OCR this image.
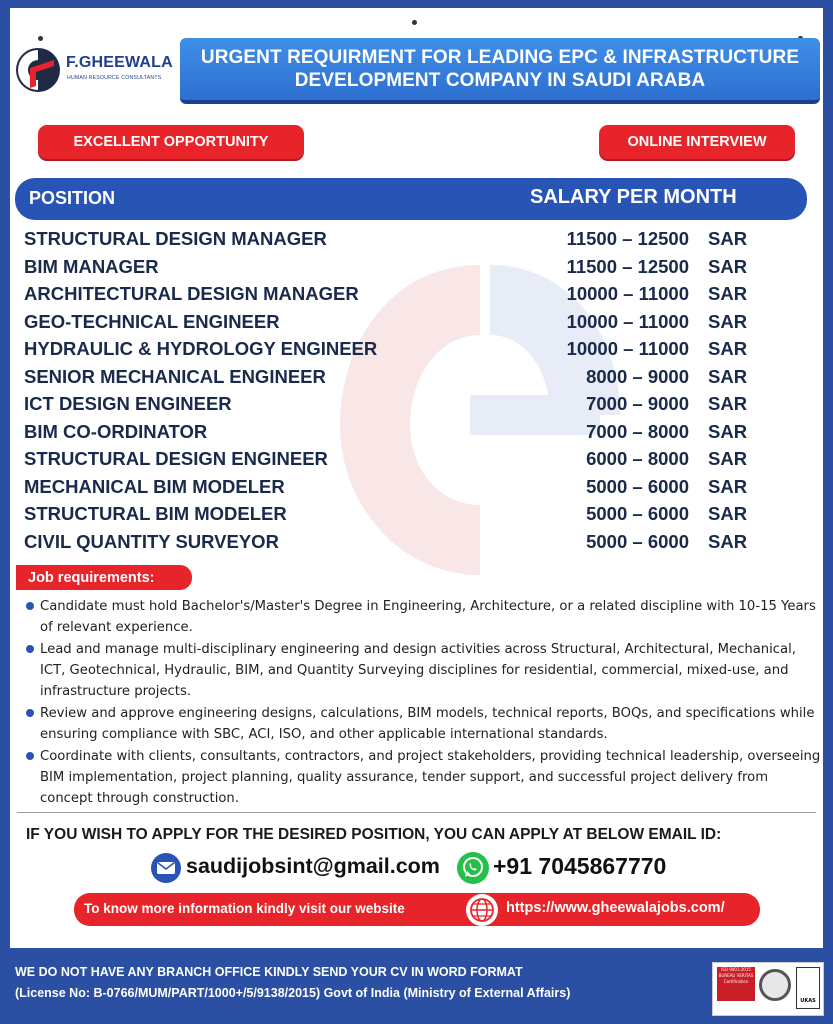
F.GHEEWALA
HUMAN RESOURCE CONSULTANTS
URGENT REQUIRMENT FOR LEADING EPC & INFRASTRUCTURE
DEVELOPMENT COMPANY IN SAUDI ARABA
EXCELLENT OPPORTUNITY	ONLINE INTERVIEW
POSITION	SALARY PER MONTH
STRUCTURAL DESIGN MANAGER	11500 – 12500 SAR
BIM MANAGER	11500 – 12500 SAR
ARCHITECTURAL DESIGN MANAGER	10000 – 11000 SAR
GEO-TECHNICAL ENGINEER	10000 – 11000 SAR
HYDRAULIC & HYDROLOGY ENGINEER	10000 – 11000 SAR
SENIOR MECHANICAL ENGINEER	8000 – 9000 SAR
ICT DESIGN ENGINEER	7000 – 9000 SAR
BIM CO-ORDINATOR	7000 – 8000 SAR
STRUCTURAL DESIGN ENGINEER	6000 – 8000 SAR
MECHANICAL BIM MODELER	5000 – 6000 SAR
STRUCTURAL BIM MODELER	5000 – 6000 SAR
CIVIL QUANTITY SURVEYOR	5000 – 6000 SAR
Job requirements:
Candidate must hold Bachelor's/Master's Degree in Engineering, Architecture, or a related discipline with 10-15 Years of relevant experience.
Lead and manage multi-disciplinary engineering and design activities across Structural, Architectural, Mechanical, ICT, Geotechnical, Hydraulic, BIM, and Quantity Surveying disciplines for residential, commercial, mixed-use, and infrastructure projects.
Review and approve engineering designs, calculations, BIM models, technical reports, BOQs, and specifications while ensuring compliance with SBC, ACI, ISO, and other applicable international standards.
Coordinate with clients, consultants, contractors, and project stakeholders, providing technical leadership, overseeing BIM implementation, project planning, quality assurance, tender support, and successful project delivery from concept through construction.
IF YOU WISH TO APPLY FOR THE DESIRED POSITION, YOU CAN APPLY AT BELOW EMAIL ID:
saudijobsint@gmail.com +91 7045867770
To know more information kindly visit our website	https://www.gheewalajobs.com/
WE DO NOT HAVE ANY BRANCH OFFICE KINDLY SEND YOUR CV IN WORD FORMAT
(License No: B-0766/MUM/PART/1000+/5/9138/2015) Govt of India (Ministry of External Affairs)
ISO 9001:2015
BUREAU VERITAS Certification
UKAS
